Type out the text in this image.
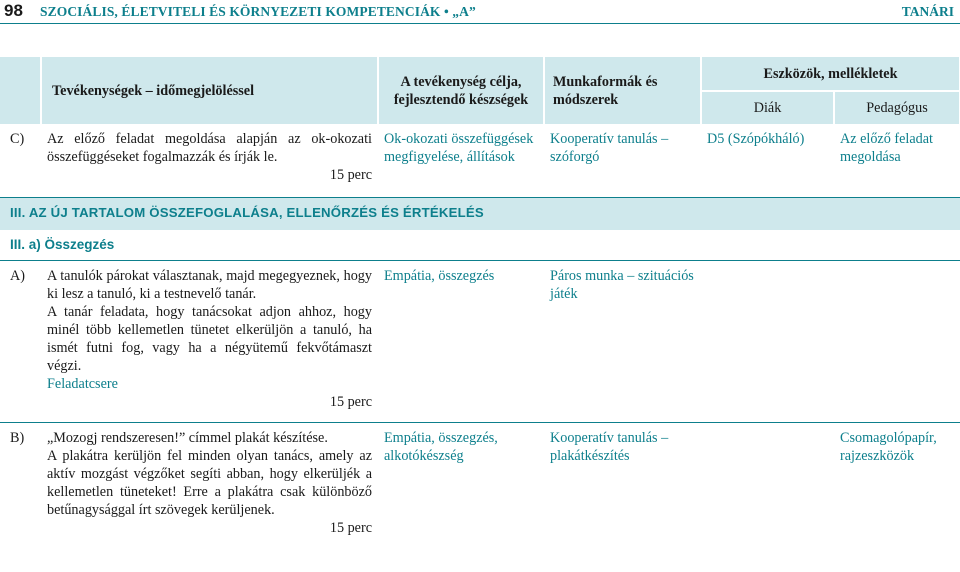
98	SZOCIÁLIS, ÉLETVITELI ÉS KÖRNYEZETI KOMPETENCIÁK • „A”	TANÁRI
	Tevékenységek – időmegjelöléssel	A tevékenység célja,
fejlesztendő készségek	Munkaformák és
módszerek	Eszközök, mellékletek	
				Diák	Pedagógus
C)	Az előző feladat megoldása alapján az ok-okozati összefüggéseket fogalmazzák és írják le.
15 perc	Ok-okozati összefüggések megfigyelése, állítások	Kooperatív tanulás – szóforgó	D5 (Szópókháló)	Az előző feladat megoldása
III. AZ ÚJ TARTALOM ÖSSZEFOGLALÁSA, ELLENŐRZÉS ÉS ÉRTÉKELÉS					
III. a) Összegzés					
A)	A tanulók párokat választanak, majd megegyeznek, hogy ki lesz a tanuló, ki a testnevelő tanár.
A tanár feladata, hogy tanácsokat adjon ahhoz, hogy minél több kellemetlen tünetet elkerüljön a tanuló, ha ismét futni fog, vagy ha a négyütemű fekvőtámaszt végzi.
Feladatcsere
15 perc	Empátia, összegzés	Páros munka – szituációs játék		
B)	„Mozogj rendszeresen!” címmel plakát készítése.
A plakátra kerüljön fel minden olyan tanács, amely az aktív mozgást végzőket segíti abban, hogy elkerüljék a kellemetlen tüneteket! Erre a plakátra csak különböző betűnagysággal írt szövegek kerüljenek.
15 perc	Empátia, összegzés, alkotókészség	Kooperatív tanulás – plakátkészítés		Csomagolópapír, rajzeszközök
